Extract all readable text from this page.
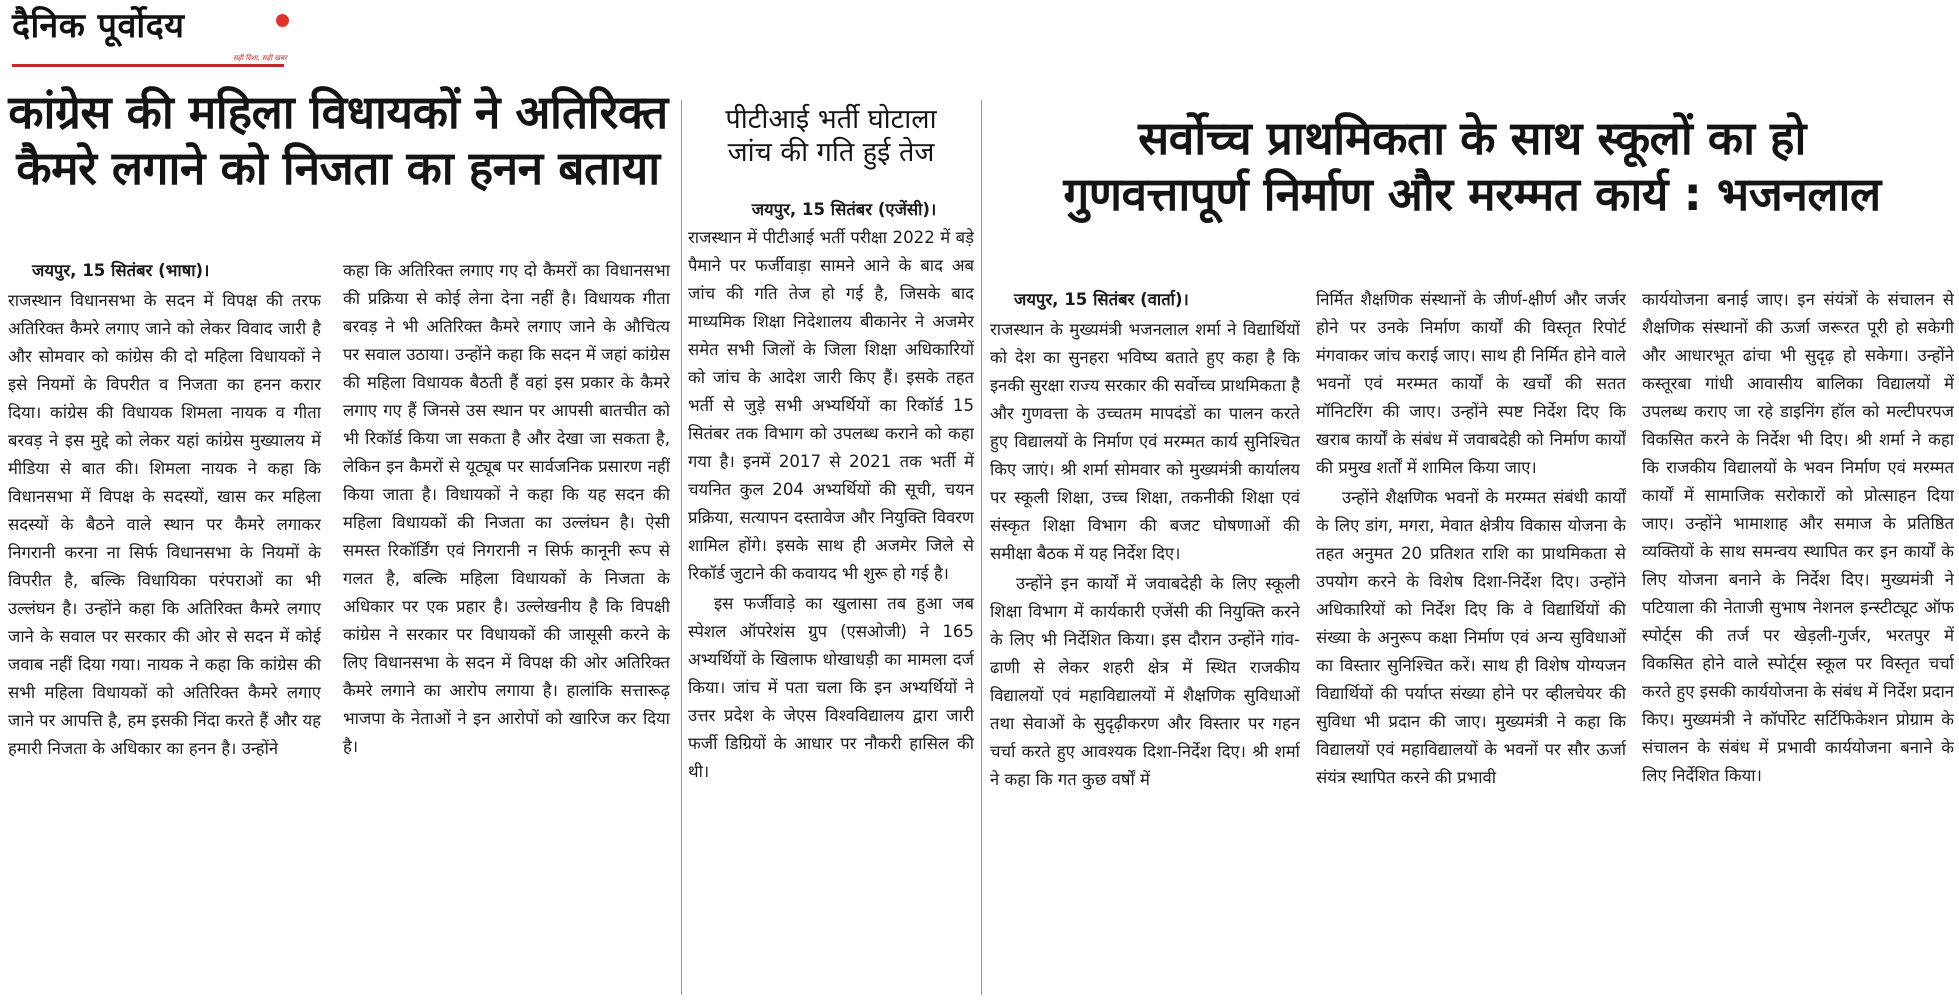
दैनिक पूर्वोदय
सही दिशा, सही खबर
कांग्रेस की महिला विधायकों ने अतिरिक्त
कैमरे लगाने को निजता का हनन बताया

जयपुर, 15 सितंबर (भाषा)।

राजस्थान विधानसभा के सदन में विपक्ष की तरफ अतिरिक्त कैमरे लगाए जाने को लेकर विवाद जारी है और सोमवार को कांग्रेस की दो महिला विधायकों ने इसे नियमों के विपरीत व निजता का हनन करार दिया। कांग्रेस की विधायक शिमला नायक व गीता बरवड़ ने इस मुद्दे को लेकर यहां कांग्रेस मुख्यालय में मीडिया से बात की। शिमला नायक ने कहा कि विधानसभा में विपक्ष के सदस्यों, खास कर महिला सदस्यों के बैठने वाले स्थान पर कैमरे लगाकर निगरानी करना ना सिर्फ विधानसभा के नियमों के विपरीत है, बल्कि विधायिका परंपराओं का भी उल्लंघन है। उन्होंने कहा कि अतिरिक्त कैमरे लगाए जाने के सवाल पर सरकार की ओर से सदन में कोई जवाब नहीं दिया गया। नायक ने कहा कि कांग्रेस की सभी महिला विधायकों को अतिरिक्त कैमरे लगाए जाने पर आपत्ति है, हम इसकी निंदा करते हैं और यह हमारी निजता के अधिकार का हनन है। उन्होंने

कहा कि अतिरिक्त लगाए गए दो कैमरों का विधानसभा की प्रक्रिया से कोई लेना देना नहीं है। विधायक गीता बरवड़ ने भी अतिरिक्त कैमरे लगाए जाने के औचित्य पर सवाल उठाया। उन्होंने कहा कि सदन में जहां कांग्रेस की महिला विधायक बैठती हैं वहां इस प्रकार के कैमरे लगाए गए हैं जिनसे उस स्थान पर आपसी बातचीत को भी रिकॉर्ड किया जा सकता है और देखा जा सकता है, लेकिन इन कैमरों से यूट्यूब पर सार्वजनिक प्रसारण नहीं किया जाता है। विधायकों ने कहा कि यह सदन की महिला विधायकों की निजता का उल्लंघन है। ऐसी समस्त रिकॉर्डिंग एवं निगरानी न सिर्फ कानूनी रूप से गलत है, बल्कि महिला विधायकों के निजता के अधिकार पर एक प्रहार है। उल्लेखनीय है कि विपक्षी कांग्रेस ने सरकार पर विधायकों की जासूसी करने के लिए विधानसभा के सदन में विपक्ष की ओर अतिरिक्त कैमरे लगाने का आरोप लगाया है। हालांकि सत्तारूढ़ भाजपा के नेताओं ने इन आरोपों को खारिज कर दिया है।

पीटीआई भर्ती घोटाला
जांच की गति हुई तेज

जयपुर, 15 सितंबर (एजेंसी)।

राजस्थान में पीटीआई भर्ती परीक्षा 2022 में बड़े पैमाने पर फर्जीवाड़ा सामने आने के बाद अब जांच की गति तेज हो गई है, जिसके बाद माध्यमिक शिक्षा निदेशालय बीकानेर ने अजमेर समेत सभी जिलों के जिला शिक्षा अधिकारियों को जांच के आदेश जारी किए हैं। इसके तहत भर्ती से जुड़े सभी अभ्यर्थियों का रिकॉर्ड 15 सितंबर तक विभाग को उपलब्ध कराने को कहा गया है। इनमें 2017 से 2021 तक भर्ती में चयनित कुल 204 अभ्यर्थियों की सूची, चयन प्रक्रिया, सत्यापन दस्तावेज और नियुक्ति विवरण शामिल होंगे। इसके साथ ही अजमेर जिले से रिकॉर्ड जुटाने की कवायद भी शुरू हो गई है।

इस फर्जीवाड़े का खुलासा तब हुआ जब स्पेशल ऑपरेशंस ग्रुप (एसओजी) ने 165 अभ्यर्थियों के खिलाफ धोखाधड़ी का मामला दर्ज किया। जांच में पता चला कि इन अभ्यर्थियों ने उत्तर प्रदेश के जेएस विश्वविद्यालय द्वारा जारी फर्जी डिग्रियों के आधार पर नौकरी हासिल की थी।

सर्वोच्च प्राथमिकता के साथ स्कूलों का हो
गुणवत्तापूर्ण निर्माण और मरम्मत कार्य : भजनलाल

जयपुर, 15 सितंबर (वार्ता)।

राजस्थान के मुख्यमंत्री भजनलाल शर्मा ने विद्यार्थियों को देश का सुनहरा भविष्य बताते हुए कहा है कि इनकी सुरक्षा राज्य सरकार की सर्वोच्च प्राथमिकता है और गुणवत्ता के उच्चतम मापदंडों का पालन करते हुए विद्यालयों के निर्माण एवं मरम्मत कार्य सुनिश्चित किए जाएं। श्री शर्मा सोमवार को मुख्यमंत्री कार्यालय पर स्कूली शिक्षा, उच्च शिक्षा, तकनीकी शिक्षा एवं संस्कृत शिक्षा विभाग की बजट घोषणाओं की समीक्षा बैठक में यह निर्देश दिए।

उन्होंने इन कार्यों में जवाबदेही के लिए स्कूली शिक्षा विभाग में कार्यकारी एजेंसी की नियुक्ति करने के लिए भी निर्देशित किया। इस दौरान उन्होंने गांव-ढाणी से लेकर शहरी क्षेत्र में स्थित राजकीय विद्यालयों एवं महाविद्यालयों में शैक्षणिक सुविधाओं तथा सेवाओं के सुदृढ़ीकरण और विस्तार पर गहन चर्चा करते हुए आवश्यक दिशा-निर्देश दिए। श्री शर्मा ने कहा कि गत कुछ वर्षों में

निर्मित शैक्षणिक संस्थानों के जीर्ण-क्षीर्ण और जर्जर होने पर उनके निर्माण कार्यों की विस्तृत रिपोर्ट मंगवाकर जांच कराई जाए। साथ ही निर्मित होने वाले भवनों एवं मरम्मत कार्यों के खर्चों की सतत मॉनिटरिंग की जाए। उन्होंने स्पष्ट निर्देश दिए कि खराब कार्यों के संबंध में जवाबदेही को निर्माण कार्यों की प्रमुख शर्तों में शामिल किया जाए।

उन्होंने शैक्षणिक भवनों के मरम्मत संबंधी कार्यों के लिए डांग, मगरा, मेवात क्षेत्रीय विकास योजना के तहत अनुमत 20 प्रतिशत राशि का प्राथमिकता से उपयोग करने के विशेष दिशा-निर्देश दिए। उन्होंने अधिकारियों को निर्देश दिए कि वे विद्यार्थियों की संख्या के अनुरूप कक्षा निर्माण एवं अन्य सुविधाओं का विस्तार सुनिश्चित करें। साथ ही विशेष योग्यजन विद्यार्थियों की पर्याप्त संख्या होने पर व्हीलचेयर की सुविधा भी प्रदान की जाए। मुख्यमंत्री ने कहा कि विद्यालयों एवं महाविद्यालयों के भवनों पर सौर ऊर्जा संयंत्र स्थापित करने की प्रभावी

कार्ययोजना बनाई जाए। इन संयंत्रों के संचालन से शैक्षणिक संस्थानों की ऊर्जा जरूरत पूरी हो सकेगी और आधारभूत ढांचा भी सुदृढ़ हो सकेगा। उन्होंने कस्तूरबा गांधी आवासीय बालिका विद्यालयों में उपलब्ध कराए जा रहे डाइनिंग हॉल को मल्टीपरपज विकसित करने के निर्देश भी दिए। श्री शर्मा ने कहा कि राजकीय विद्यालयों के भवन निर्माण एवं मरम्मत कार्यों में सामाजिक सरोकारों को प्रोत्साहन दिया जाए। उन्होंने भामाशाह और समाज के प्रतिष्ठित व्यक्तियों के साथ समन्वय स्थापित कर इन कार्यों के लिए योजना बनाने के निर्देश दिए। मुख्यमंत्री ने पटियाला की नेताजी सुभाष नेशनल इन्स्टीट्यूट ऑफ स्पोर्ट्स की तर्ज पर खेड़ली-गुर्जर, भरतपुर में विकसित होने वाले स्पोर्ट्स स्कूल पर विस्तृत चर्चा करते हुए इसकी कार्ययोजना के संबंध में निर्देश प्रदान किए। मुख्यमंत्री ने कॉर्पोरेट सर्टिफिकेशन प्रोग्राम के संचालन के संबंध में प्रभावी कार्ययोजना बनाने के लिए निर्देशित किया।
